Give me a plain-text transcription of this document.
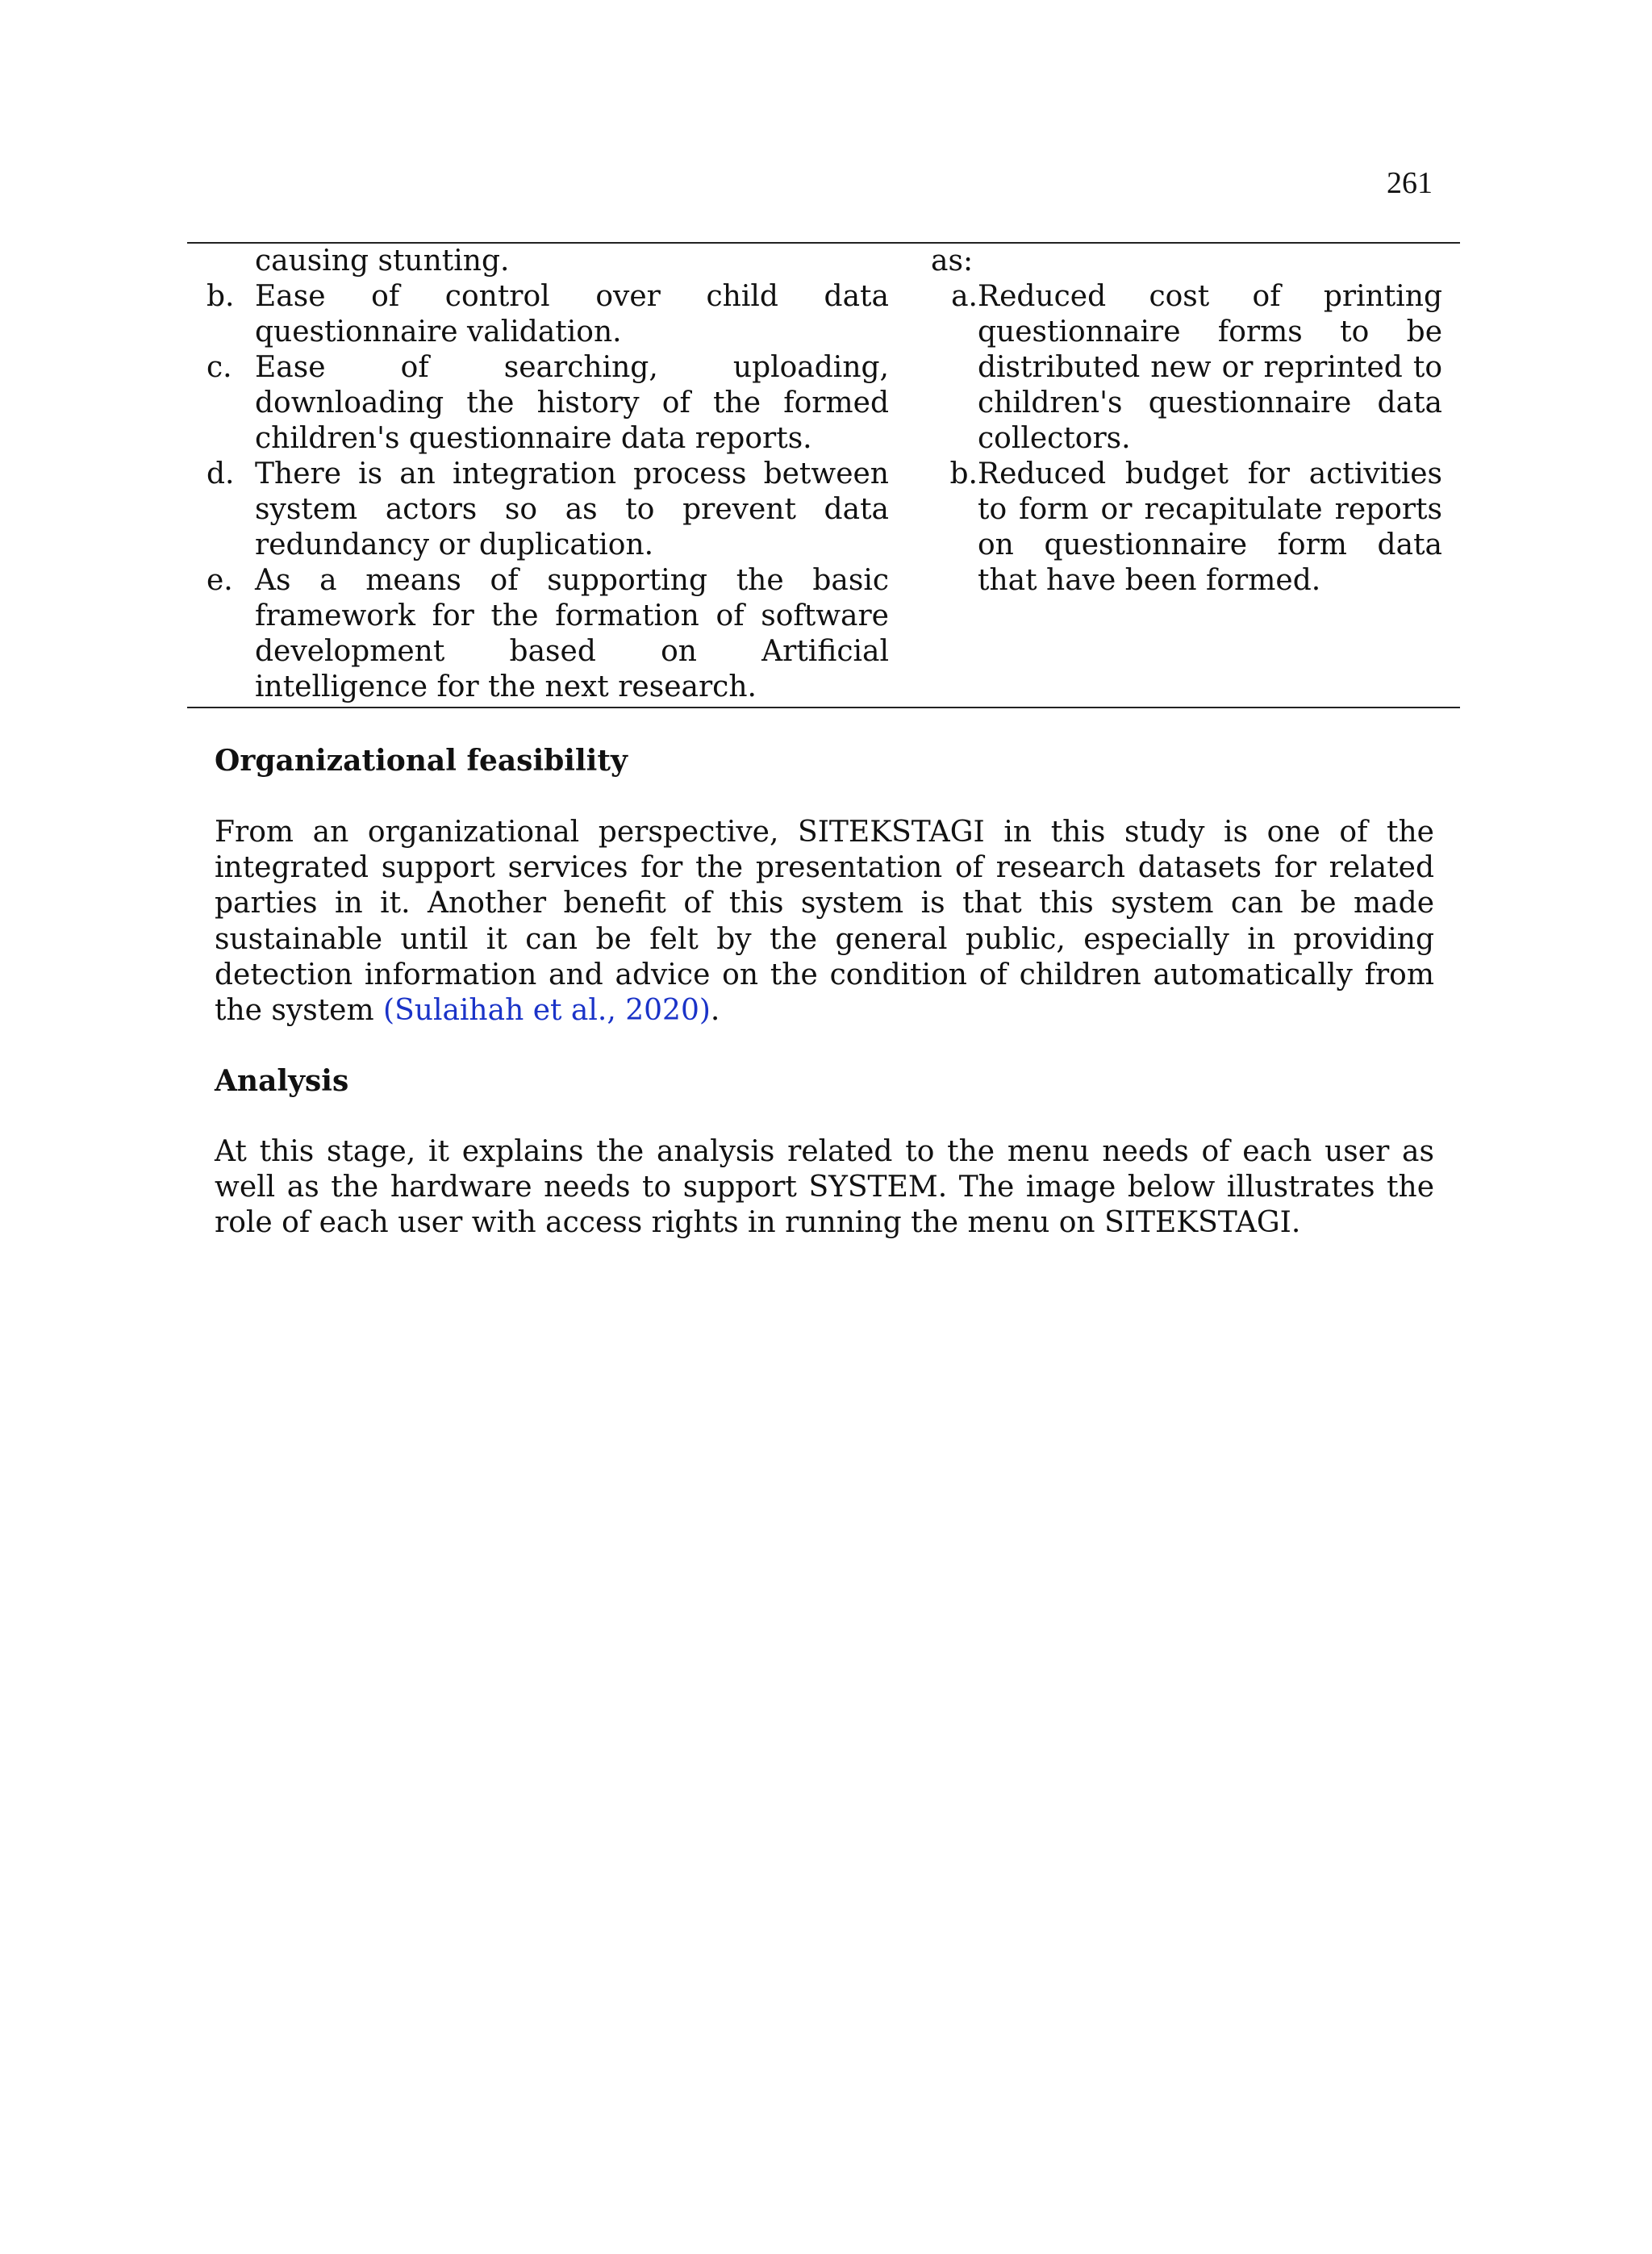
261
causing stunting.
b. Ease of control over child data questionnaire validation.
c. Ease of searching, uploading, downloading the history of the formed children's questionnaire data reports.
d. There is an integration process between system actors so as to prevent data redundancy or duplication.
e. As a means of supporting the basic framework for the formation of software development based on Artificial intelligence for the next research.
as:
a. Reduced cost of printing questionnaire forms to be distributed new or reprinted to children's questionnaire data collectors.
b. Reduced budget for activities to form or recapitulate reports on questionnaire form data that have been formed.
Organizational feasibility

From an organizational perspective, SITEKSTAGI in this study is one of the integrated support services for the presentation of research datasets for related parties in it. Another benefit of this system is that this system can be made sustainable until it can be felt by the general public, especially in providing detection information and advice on the condition of children automatically from the system (Sulaihah et al., 2020).

Analysis

At this stage, it explains the analysis related to the menu needs of each user as well as the hardware needs to support SYSTEM. The image below illustrates the role of each user with access rights in running the menu on SITEKSTAGI.
